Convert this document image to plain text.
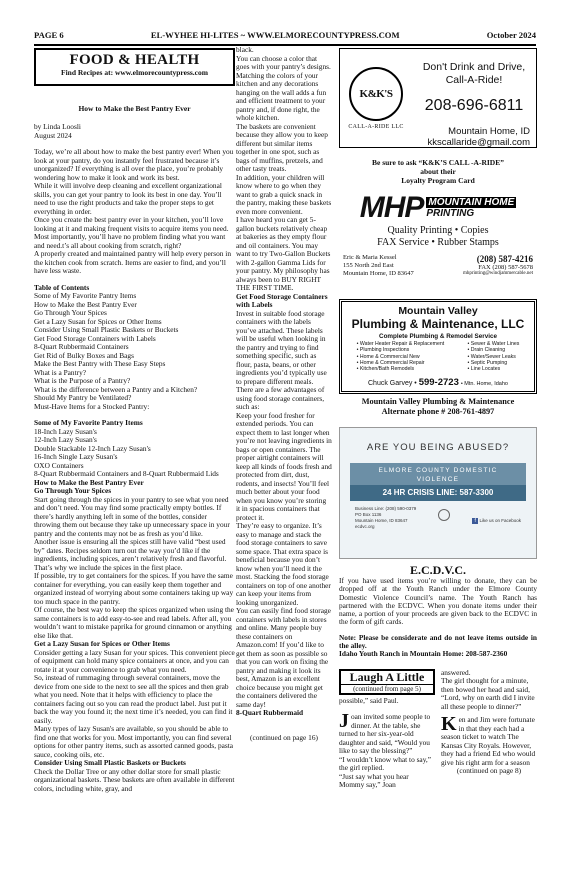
PAGE 6	EL-WYHEE HI-LITES ~ WWW.ELMORECOUNTYPRESS.COM	October 2024
FOOD & HEALTH
Find Recipes at: www.elmorecountypress.com
How to Make the Best Pantry Ever
by Linda Loosli
August 2024
Today, we’re all about how to make the best pantry ever! When you look at your pantry, do you instantly feel frustrated because it’s unorganized? If everything is all over the place, you’re probably wondering how to make it look and work its best.
While it will involve deep cleaning and excellent organizational skills, you can get your pantry to look its best in one day. You’ll need to use the right products and take the proper steps to get everything in order.
Once you create the best pantry ever in your kitchen, you’ll love looking at it and making frequent visits to acquire items you need. Most importantly, you’ll have no problem finding what you want and need.t’s all about cooking from scratch, right?
A properly created and maintained pantry will help every person in the kitchen cook from scratch. Items are easier to find, and you’ll have less waste.
Table of Contents
Some of My Favorite Pantry Items
How to Make the Best Pantry Ever
Go Through Your Spices
Get a Lazy Susan for Spices or Other Items
Consider Using Small Plastic Baskets or Buckets
Get Food Storage Containers with Labels
8-Quart Rubbermaid Containers
Get Rid of Bulky Boxes and Bags
Make the Best Pantry with These Easy Steps
What is a Pantry?
What is the Purpose of a Pantry?
What is the difference between a Pantry and a Kitchen?
Should My Pantry be Ventilated?
Must-Have Items for a Stocked Pantry:
Some of My Favorite Pantry Items
18-Inch Lazy Susan's
12-Inch Lazy Susan's
Double Stackable 12-Inch Lazy Susan's
16-Inch Single Lazy Susan's
OXO Containers
8-Quart Rubbermaid Containers and 8-Quart Rubbermaid Lids
How to Make the Best Pantry Ever
Go Through Your Spices
Start going through the spices in your pantry to see what you need and don’t need. You may find some practically empty bottles. If there’s hardly anything left in some of the bottles, consider throwing them out because they take up unnecessary space in your pantry and the contents may not be as fresh as you’d like.
Another issue is ensuring all the spices still have valid “best used by” dates. Recipes seldom turn out the way you’d like if the ingredients, including spices, aren’t relatively fresh and flavorful. That’s why we include the spices in the first place.
If possible, try to get containers for the spices. If you have the same container for everything, you can easily keep them together and organized instead of worrying about some containers taking up way too much space in the pantry.
Of course, the best way to keep the spices organized when using the same containers is to add easy-to-see and read labels. After all, you wouldn’t want to mistake paprika for ground cinnamon or anything else like that.
Get a Lazy Susan for Spices or Other Items
Consider getting a lazy Susan for your spices. This convenient piece of equipment can hold many spice containers at once, and you can rotate it at your convenience to grab what you need.
So, instead of rummaging through several containers, move the device from one side to the next to see all the spices and then grab what you need. Note that it helps with efficiency to place the containers facing out so you can read the product label. Just put it back the way you found it; the next time it’s needed, you can find it easily.
Many types of lazy Susan's are available, so you should be able to find one that works for you. Most importantly, you can find several options for other pantry items, such as assorted canned goods, pasta sauce, cooking oils, etc.
Consider Using Small Plastic Baskets or Buckets
Check the Dollar Tree or any other dollar store for small plastic organizational baskets. These baskets are often available in different colors, including white, gray, and
black.
You can choose a color that goes with your pantry’s designs. Matching the colors of your kitchen and any decorations hanging on the wall adds a fun and efficient treatment to your pantry and, if done right, the whole kitchen.
The baskets are convenient because they allow you to keep different but similar items together in one spot, such as bags of muffins, pretzels, and other tasty treats.
In addition, your children will know where to go when they want to grab a quick snack in the pantry, making these baskets even more convenient.
I have heard you can get 5-gallon buckets relatively cheap at bakeries as they empty flour and oil containers. You may want to try Two-Gallon Buckets with 2-gallon Gamma Lids for your pantry. My philosophy has always been to BUY RIGHT THE FIRST TIME.
Get Food Storage Containers with Labels
Invest in suitable food storage containers with the labels you’ve attached. These labels will be useful when looking in the pantry and trying to find something specific, such as flour, pasta, beans, or other ingredients you’d typically use to prepare different meals.
There are a few advantages of using food storage containers, such as:
Keep your food fresher for extended periods. You can expect them to last longer when you’re not leaving ingredients in bags or open containers. The proper airtight containers will keep all kinds of foods fresh and protected from dirt, dust, rodents, and insects! You’ll feel much better about your food when you know you’re storing it in spacious containers that protect it.
They’re easy to organize. It’s easy to manage and stack the food storage containers to save some space. That extra space is beneficial because you don’t know when you’ll need it the most. Stacking the food storage containers on top of one another can keep your items from looking unorganized.
You can easily find food storage containers with labels in stores and online. Many people buy these containers on Amazon.com! If you’d like to get them as soon as possible so that you can work on fixing the pantry and making it look its best, Amazon is an excellent choice because you might get the containers delivered the same day!
8-Quart Rubbermaid
(continued on page 16)
K&K'S
CALL-A-RIDE LLC
Don't Drink and Drive,
Call-A-Ride!
208-696-6811
Mountain Home, ID
kkscallaride@gmail.com
Be sure to ask “K&K’S CALL -A-RIDE”
about their
Loyalty Program Card
MHP MOUNTAIN HOME
PRINTING
Quality Printing • Copies
FAX Service • Rubber Stamps
Eric & Maria Kessel
155 North 2nd East
Mountain Home, ID 83647
(208) 587-4216
FAX (208) 587-5678
mhprinting@windjammercable.net
Mountain Valley
Plumbing & Maintenance, LLC
Complete Plumbing & Remodel Service
• Water Heater Repair & Replacement
• Plumbing Inspections
• Home & Commercial New
• Home & Commercial Repair
• Kitchen/Bath Remodels
• Sewer & Water Lines
• Drain Cleaning
• Water/Sewer Leaks
• Septic Pumping
• Line Locates
Chuck Garvey • 599-2723 • Mtn. Home, Idaho
Mountain Valley Plumbing & Maintenance
Alternate phone # 208-761-4897
ARE YOU BEING ABUSED?
ELMORE COUNTY DOMESTIC
VIOLENCE
24 HR CRISIS LINE: 587-3300
Business Line: (208) 590-0379
PO Box 1136
Mountain Home, ID 83647
ecdvc.org
f Like us on Facebook
E.C.D.V.C.
If you have used items you’re willing to donate, they can be dropped off at the Youth Ranch under the Elmore County Domestic Violence Council’s name. The Youth Ranch has partnered with the ECDVC. When you donate items under their name, a portion of your proceeds are given back to the ECDVC in the form of gift cards.
Note: Please be considerate and do not leave items outside in the alley.
Idaho Youth Ranch in Mountain Home: 208-587-2360
Laugh A Little
(continued from page 5)
possible,” said Paul.
Joan invited some people to dinner. At the table, she turned to her six-year-old daughter and said, “Would you like to say the blessing?”
“I wouldn’t know what to say,” the girl replied.
“Just say what you hear Mommy say,” Joan
answered.
The girl thought for a minute, then bowed her head and said, “Lord, why on earth did I invite all these people to dinner?”
Ken and Jim were fortunate in that they each had a season ticket to watch The Kansas City Royals. However, they had a friend Ed who would give his right arm for a season
(continued on page 8)
